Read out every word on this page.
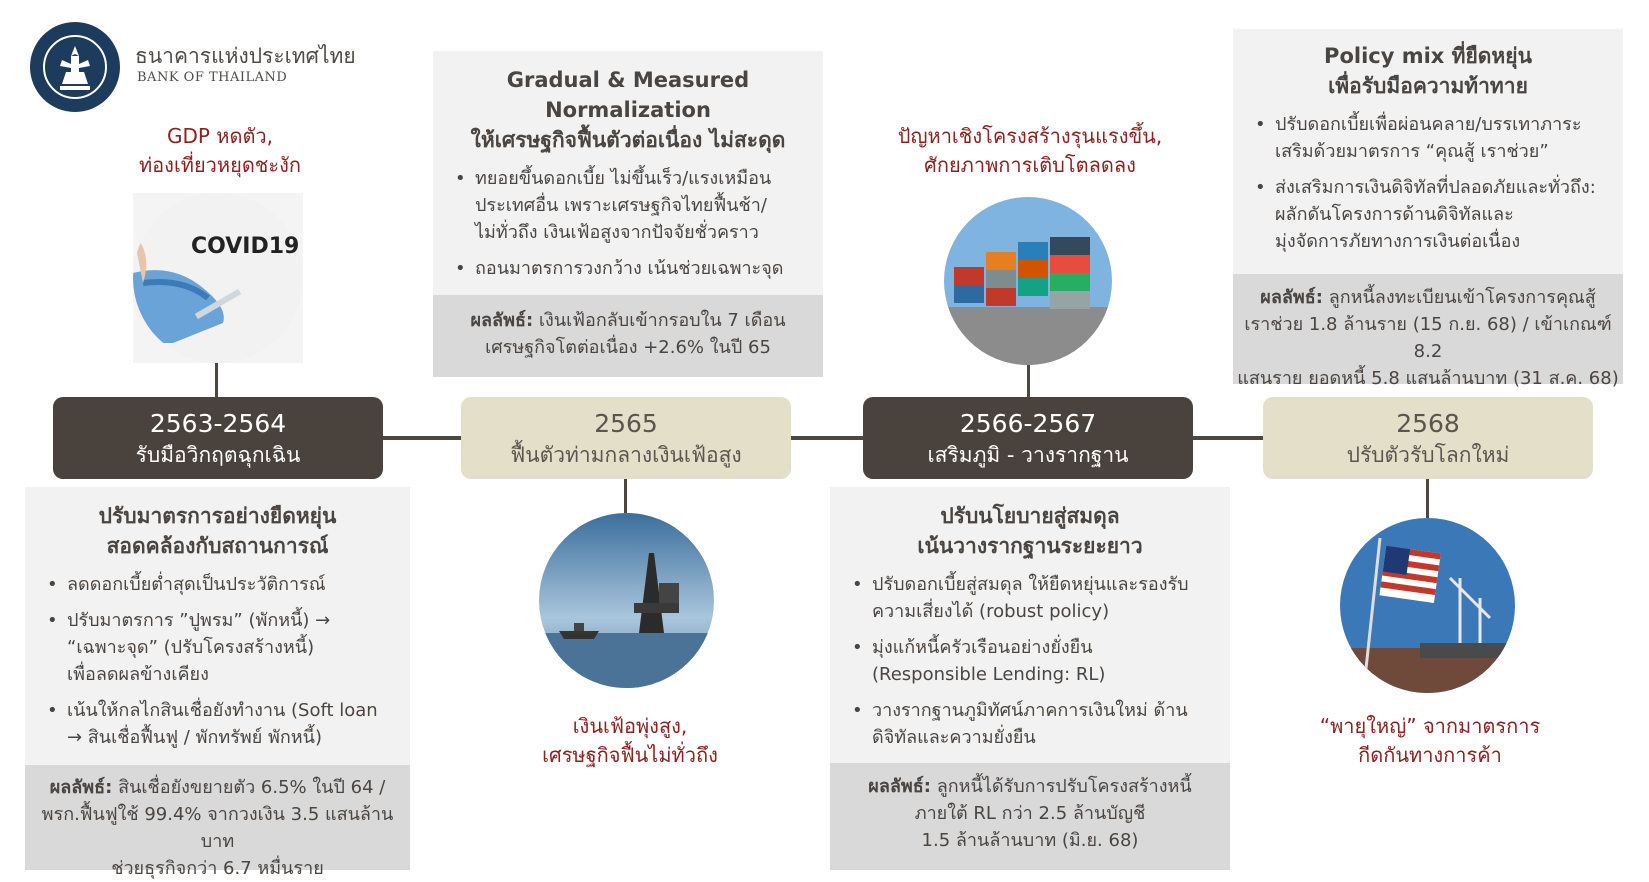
ธนาคารแห่งประเทศไทย
BANK OF THAILAND
2563-2564
รับมือวิกฤตฉุกเฉิน
2565
ฟื้นตัวท่ามกลางเงินเฟ้อสูง
2566-2567
เสริมภูมิ - วางรากฐาน
2568
ปรับตัวรับโลกใหม่
GDP หดตัว,
ท่องเที่ยวหยุดชะงัก
เงินเฟ้อพุ่งสูง,
เศรษฐกิจฟื้นไม่ทั่วถึง
ปัญหาเชิงโครงสร้างรุนแรงขึ้น,
ศักยภาพการเติบโตลดลง
“พายุใหญ่” จากมาตรการ
กีดกันทางการค้า
COVID19
ปรับมาตรการอย่างยืดหยุ่น
สอดคล้องกับสถานการณ์
• ลดดอกเบี้ยต่ำสุดเป็นประวัติการณ์
• ปรับมาตรการ ”ปูพรม” (พักหนี้) →
“เฉพาะจุด” (ปรับโครงสร้างหนี้)
เพื่อลดผลข้างเคียง
• เน้นให้กลไกสินเชื่อยังทำงาน (Soft loan
→ สินเชื่อฟื้นฟู / พักทรัพย์ พักหนี้)
ผลลัพธ์: สินเชื่อยังขยายตัว 6.5% ในปี 64 /
พรก.ฟื้นฟูใช้ 99.4% จากวงเงิน 3.5 แสนล้านบาท
ช่วยธุรกิจกว่า 6.7 หมื่นราย
Gradual & Measured
Normalization
ให้เศรษฐกิจฟื้นตัวต่อเนื่อง ไม่สะดุด
• ทยอยขึ้นดอกเบี้ย ไม่ขึ้นเร็ว/แรงเหมือน
ประเทศอื่น เพราะเศรษฐกิจไทยฟื้นช้า/
ไม่ทั่วถึง เงินเฟ้อสูงจากปัจจัยชั่วคราว
• ถอนมาตรการวงกว้าง เน้นช่วยเฉพาะจุด
ผลลัพธ์: เงินเฟ้อกลับเข้ากรอบใน 7 เดือน
เศรษฐกิจโตต่อเนื่อง +2.6% ในปี 65
ปรับนโยบายสู่สมดุล
เน้นวางรากฐานระยะยาว
• ปรับดอกเบี้ยสู่สมดุล ให้ยืดหยุ่นและรองรับ
ความเสี่ยงได้ (robust policy)
• มุ่งแก้หนี้ครัวเรือนอย่างยั่งยืน
(Responsible Lending: RL)
• วางรากฐานภูมิทัศน์ภาคการเงินใหม่ ด้าน
ดิจิทัลและความยั่งยืน
ผลลัพธ์: ลูกหนี้ได้รับการปรับโครงสร้างหนี้
ภายใต้ RL กว่า 2.5 ล้านบัญชี
1.5 ล้านล้านบาท (มิ.ย. 68)
Policy mix ที่ยืดหยุ่น
เพื่อรับมือความท้าทาย
• ปรับดอกเบี้ยเพื่อผ่อนคลาย/บรรเทาภาระ
เสริมด้วยมาตรการ “คุณสู้ เราช่วย”
• ส่งเสริมการเงินดิจิทัลที่ปลอดภัยและทั่วถึง:
ผลักดันโครงการด้านดิจิทัลและ
มุ่งจัดการภัยทางการเงินต่อเนื่อง
ผลลัพธ์: ลูกหนี้ลงทะเบียนเข้าโครงการคุณสู้
เราช่วย 1.8 ล้านราย (15 ก.ย. 68) / เข้าเกณฑ์ 8.2
แสนราย ยอดหนี้ 5.8 แสนล้านบาท (31 ส.ค. 68)
